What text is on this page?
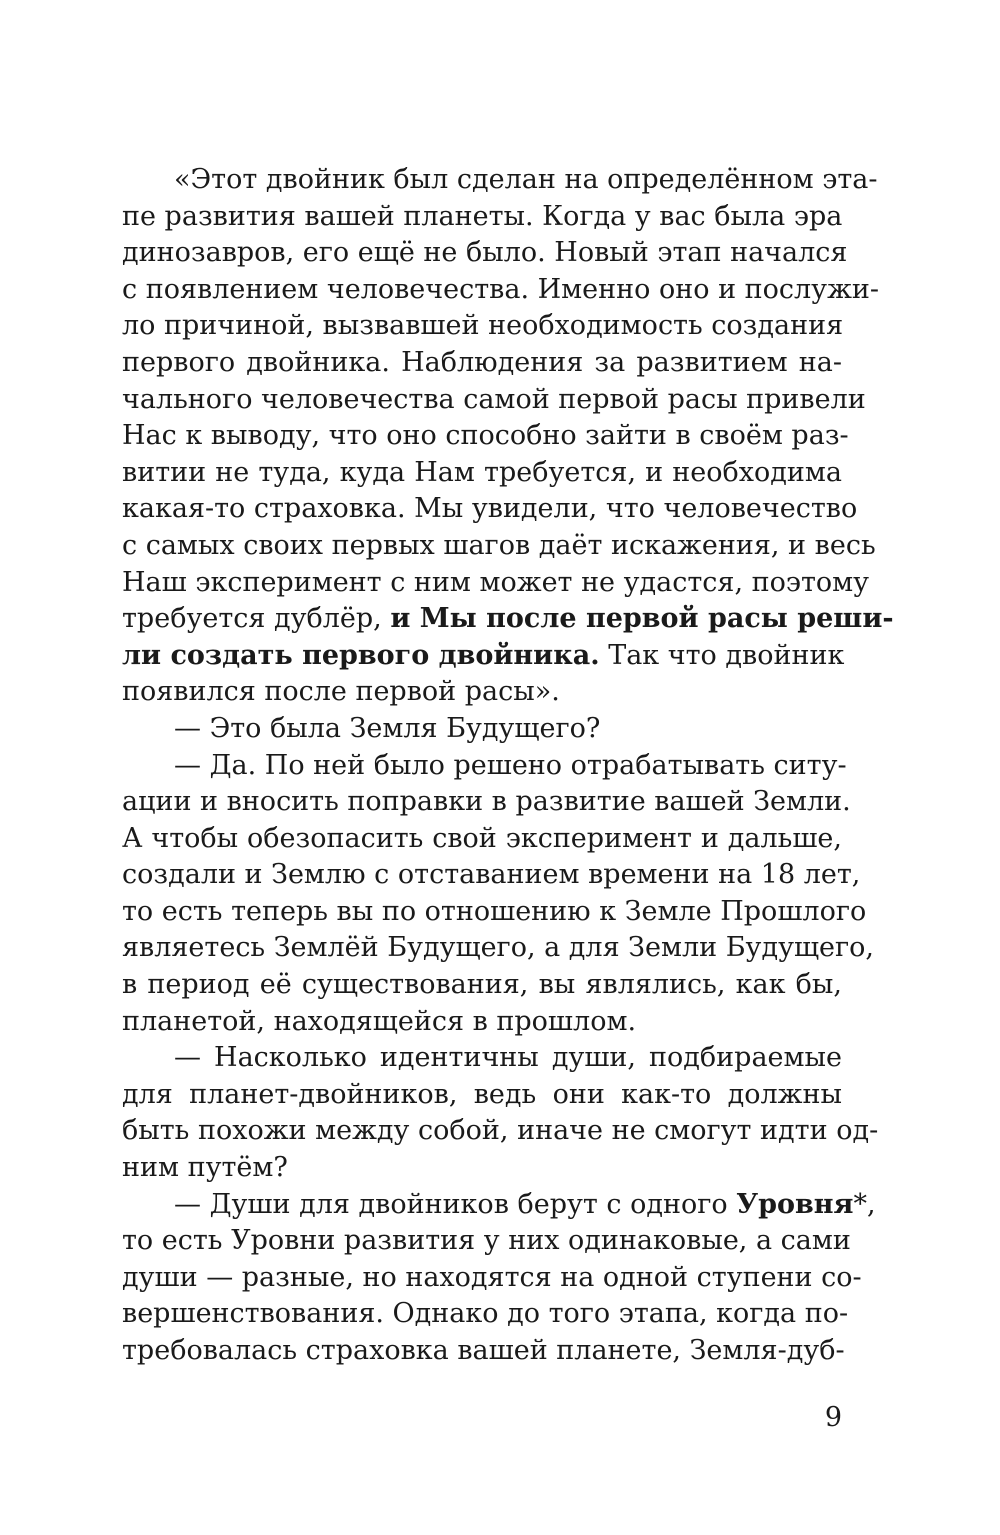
«Этот двойник был сделан на определённом эта-
пе развития вашей планеты. Когда у вас была эра
динозавров, его ещё не было. Новый этап начался
с появлением человечества. Именно оно и послужи-
ло причиной, вызвавшей необходимость создания
первого двойника. Наблюдения за развитием на-
чального человечества самой первой расы привели
Нас к выводу, что оно способно зайти в своём раз-
витии не туда, куда Нам требуется, и необходима
какая-то страховка. Мы увидели, что человечество
с самых своих первых шагов даёт искажения, и весь
Наш эксперимент с ним может не удастся, поэтому
требуется дублёр, и Мы после первой расы реши-
ли создать первого двойника. Так что двойник
появился после первой расы».
— Это была Земля Будущего?
— Да. По ней было решено отрабатывать ситу-
ации и вносить поправки в развитие вашей Земли.
А чтобы обезопасить свой эксперимент и дальше,
создали и Землю с отставанием времени на 18 лет,
то есть теперь вы по отношению к Земле Прошлого
являетесь Землёй Будущего, а для Земли Будущего,
в период её существования, вы являлись, как бы,
планетой, находящейся в прошлом.
— Насколько идентичны души, подбираемые
для планет-двойников, ведь они как-то должны
быть похожи между собой, иначе не смогут идти од-
ним путём?
— Души для двойников берут с одного Уровня*,
то есть Уровни развития у них одинаковые, а сами
души — разные, но находятся на одной ступени со-
вершенствования. Однако до того этапа, когда по-
требовалась страховка вашей планете, Земля-дуб-
9
